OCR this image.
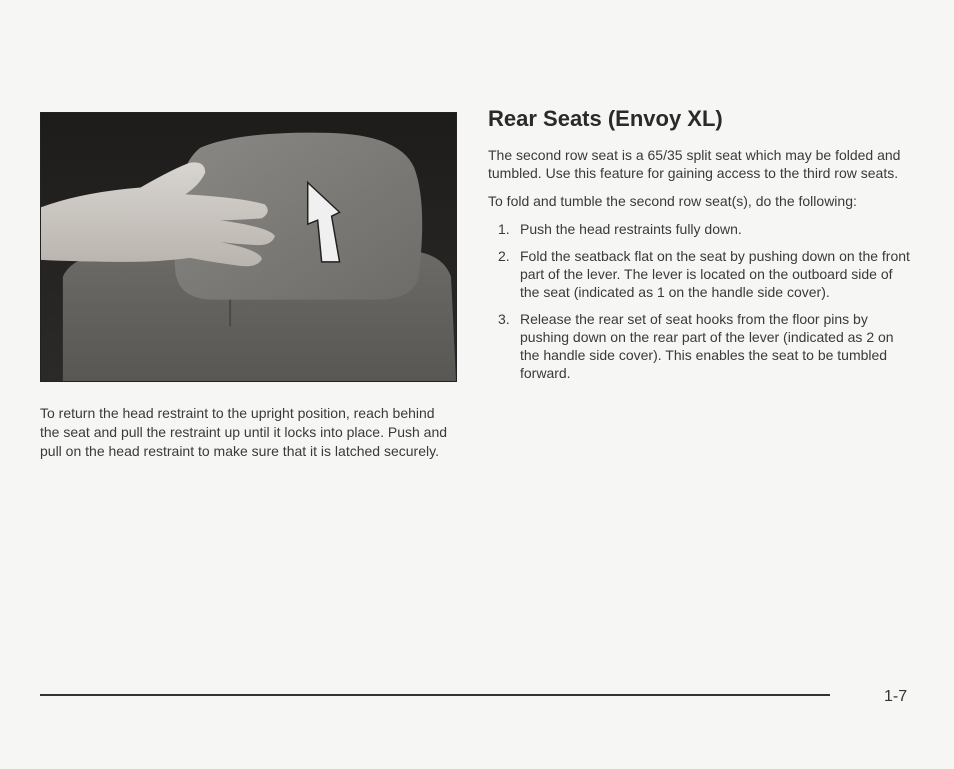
To return the head restraint to the upright position, reach behind the seat and pull the restraint up until it locks into place. Push and pull on the head restraint to make sure that it is latched securely.

Rear Seats (Envoy XL)

The second row seat is a 65/35 split seat which may be folded and tumbled. Use this feature for gaining access to the third row seats.

To fold and tumble the second row seat(s), do the following:

1. Push the head restraints fully down.
2. Fold the seatback flat on the seat by pushing down on the front part of the lever. The lever is located on the outboard side of the seat (indicated as 1 on the handle side cover).
3. Release the rear set of seat hooks from the floor pins by pushing down on the rear part of the lever (indicated as 2 on the handle side cover). This enables the seat to be tumbled forward.
1-7
